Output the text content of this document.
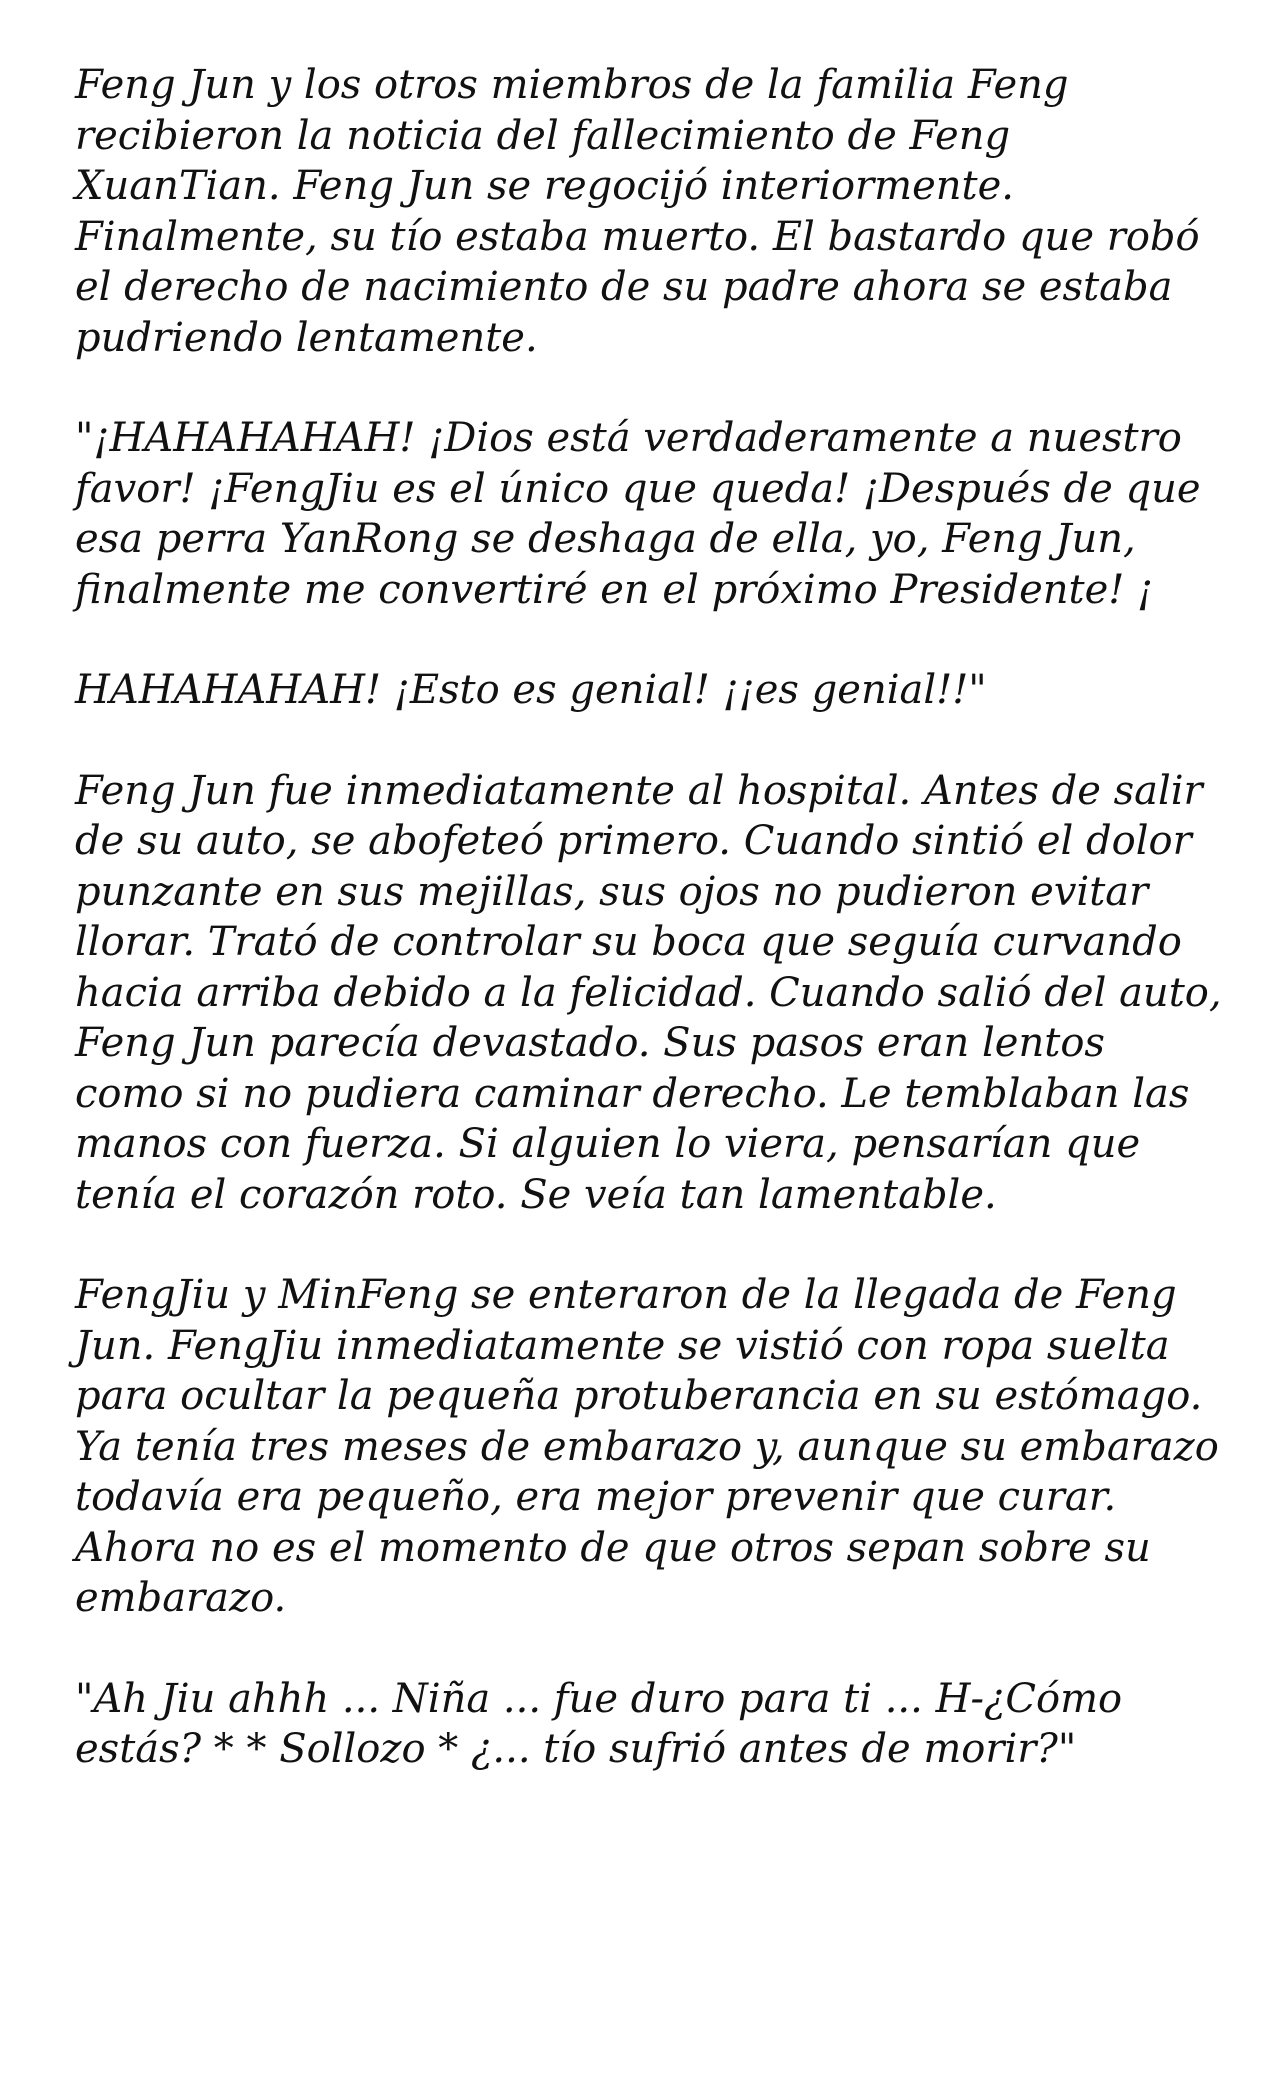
Feng Jun y los otros miembros de la familia Feng recibieron la noticia del fallecimiento de Feng XuanTian. Feng Jun se regocijó interiormente. Finalmente, su tío estaba muerto. El bastardo que robó el derecho de nacimiento de su padre ahora se estaba pudriendo lentamente.

"¡HAHAHAHAH! ¡Dios está verdaderamente a nuestro favor! ¡FengJiu es el único que queda! ¡Después de que esa perra YanRong se deshaga de ella, yo, Feng Jun, finalmente me convertiré en el próximo Presidente! ¡

HAHAHAHAH! ¡Esto es genial! ¡¡es genial!!"

Feng Jun fue inmediatamente al hospital. Antes de salir de su auto, se abofeteó primero. Cuando sintió el dolor punzante en sus mejillas, sus ojos no pudieron evitar llorar. Trató de controlar su boca que seguía curvando hacia arriba debido a la felicidad. Cuando salió del auto, Feng Jun parecía devastado. Sus pasos eran lentos como si no pudiera caminar derecho. Le temblaban las manos con fuerza. Si alguien lo viera, pensarían que tenía el corazón roto. Se veía tan lamentable.

FengJiu y MinFeng se enteraron de la llegada de Feng Jun. FengJiu inmediatamente se vistió con ropa suelta para ocultar la pequeña protuberancia en su estómago. Ya tenía tres meses de embarazo y, aunque su embarazo todavía era pequeño, era mejor prevenir que curar. Ahora no es el momento de que otros sepan sobre su embarazo.

"Ah Jiu ahhh ... Niña ... fue duro para ti ... H-¿Cómo estás? * * Sollozo * ¿... tío sufrió antes de morir?"
